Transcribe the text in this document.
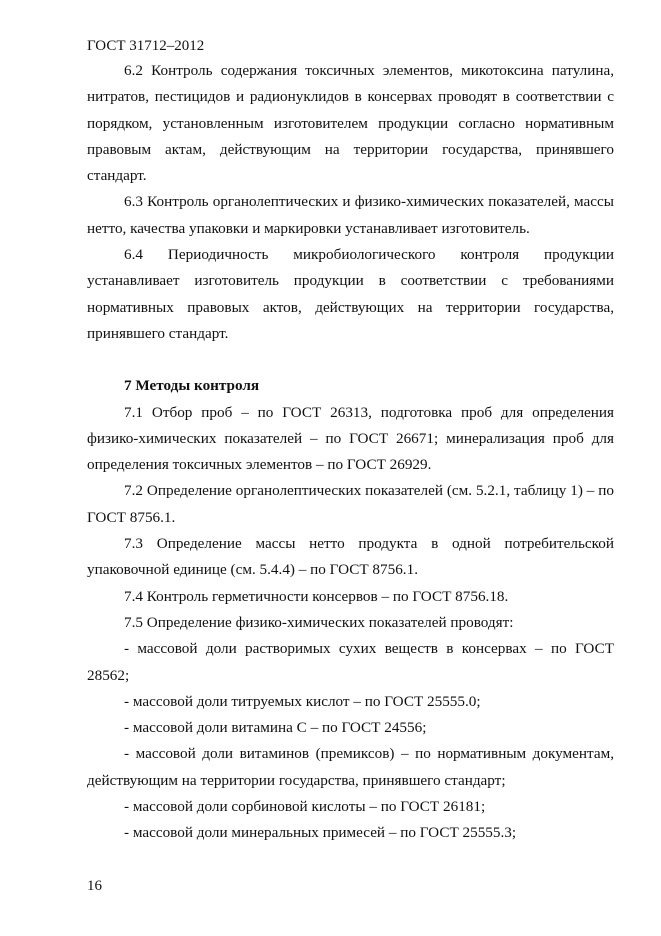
ГОСТ 31712–2012

6.2 Контроль содержания токсичных элементов, микотоксина патулина, нитратов, пестицидов и радионуклидов в консервах проводят в соответствии с порядком, установленным изготовителем продукции согласно нормативным правовым актам, действующим на территории государства, принявшего стандарт.

6.3 Контроль органолептических и физико-химических показателей, массы нетто, качества упаковки и маркировки устанавливает изготовитель.

6.4 Периодичность микробиологического контроля продукции устанавливает изготовитель продукции в соответствии с требованиями нормативных правовых актов, действующих на территории государства, принявшего стандарт.

7 Методы контроля

7.1 Отбор проб – по ГОСТ 26313, подготовка проб для определения физико-химических показателей – по ГОСТ 26671; минерализация проб для определения токсичных элементов – по ГОСТ 26929.

7.2 Определение органолептических показателей (см. 5.2.1, таблицу 1) – по ГОСТ 8756.1.

7.3 Определение массы нетто продукта в одной потребительской упаковочной единице (см. 5.4.4) – по ГОСТ 8756.1.

7.4 Контроль герметичности консервов – по ГОСТ 8756.18.

7.5 Определение физико-химических показателей проводят:

- массовой доли растворимых сухих веществ в консервах – по ГОСТ 28562;

- массовой доли титруемых кислот – по ГОСТ 25555.0;

- массовой доли витамина С – по ГОСТ 24556;

- массовой доли витаминов (премиксов) – по нормативным документам, действующим на территории государства, принявшего стандарт;

- массовой доли сорбиновой кислоты – по ГОСТ 26181;

- массовой доли минеральных примесей – по ГОСТ 25555.3;

16
